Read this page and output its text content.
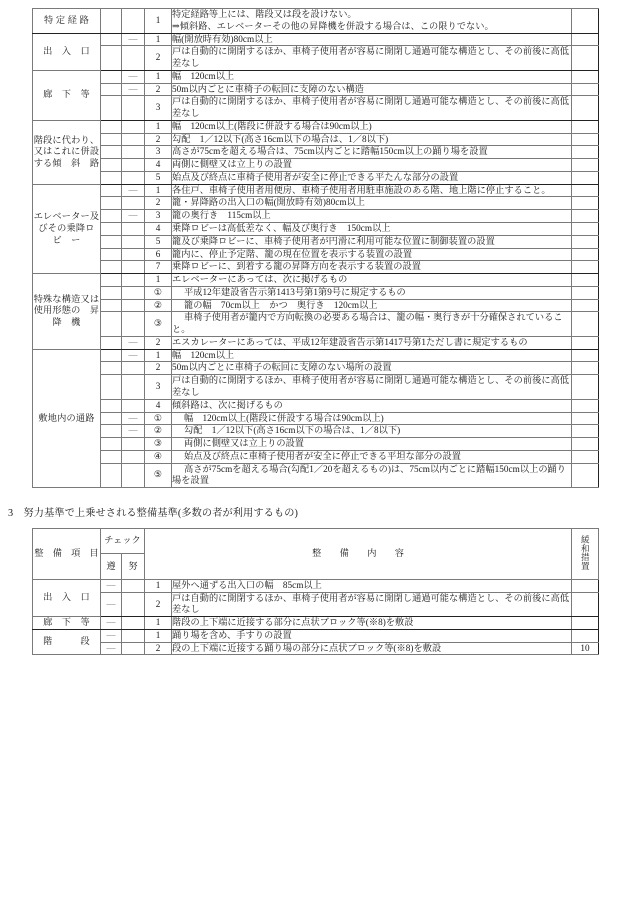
特 定 経 路			1	特定経路等上には、階段又は段を設けない。
⇒傾斜路、エレベーターその他の昇降機を併設する場合は、この限りでない。	

出　入　口		—	1	幅(開放時有効)80cm以上	
			2	戸は自動的に開閉するほか、車椅子使用者が容易に開閉し通過可能な構造とし、その前後に高低差なし	

廊　下　等		—	1	幅　120cm以上	
		—	2	50m以内ごとに車椅子の転回に支障のない構造	
			3	戸は自動的に開閉するほか、車椅子使用者が容易に開閉し通過可能な構造とし、その前後に高低差なし	

階段に代わり、又はこれに併設する傾　斜　路			1	幅　120cm以上(階段に併設する場合は90cm以上)	
			2	勾配　1／12以下(高さ16cm以下の場合は、1／8以下)	
			3	高さが75cmを超える場合は、75cm以内ごとに踏幅150cm以上の踊り場を設置	
			4	両側に側壁又は立上りの設置	
			5	始点及び終点に車椅子使用者が安全に停止できる平たんな部分の設置	

エレベーター及びその乗降ロ　ビ　ー		—	1	各住戸、車椅子使用者用便房、車椅子使用者用駐車施設のある階、地上階に停止すること。	
			2	籠・昇降路の出入口の幅(開放時有効)80cm以上	
		—	3	籠の奥行き　115cm以上	
			4	乗降ロビーは高低差なく、幅及び奥行き　150cm以上	
			5	籠及び乗降ロビーに、車椅子使用者が円滑に利用可能な位置に制御装置の設置	
			6	籠内に、停止予定階、籠の現在位置を表示する装置の設置	
			7	乗降ロビーに、到着する籠の昇降方向を表示する装置の設置	

特殊な構造又は使用形態の　昇　降　機			1	エレベーターにあっては、次に掲げるもの	
			①	平成12年建設省告示第1413号第1第9号に規定するもの	
			②	籠の幅　70cm以上　かつ　奥行き　120cm以上	
			③	車椅子使用者が籠内で方向転換の必要ある場合は、籠の幅・奥行きが十分確保されていること。	
		—	2	エスカレーターにあっては、平成12年建設省告示第1417号第1ただし書に規定するもの	

敷地内の通路		—	1	幅　120cm以上	
			2	50m以内ごとに車椅子の転回に支障のない場所の設置	
			3	戸は自動的に開閉するほか、車椅子使用者が容易に開閉し通過可能な構造とし、その前後に高低差なし	
			4	傾斜路は、次に掲げるもの	
		—	①	幅　120cm以上(階段に併設する場合は90cm以上)	
		—	②	勾配　1／12以下(高さ16cm以下の場合は、1／8以下)	
			③	両側に側壁又は立上りの設置	
			④	始点及び終点に車椅子使用者が安全に停止できる平坦な部分の設置	
			⑤	高さが75cmを超える場合(勾配1／20を超えるもの)は、75cm以内ごとに踏幅150cm以上の踊り場を設置	
3　努力基準で上乗せされる整備基準(多数の者が利用するもの)
整　備　項　目	チェック		整　　備　　内　　容		緩和措置
	遵	努			

出　入　口	—		1	屋外へ通ずる出入口の幅　85cm以上	
	—		2	戸は自動的に開閉するほか、車椅子使用者が容易に開閉し通過可能な構造とし、その前後に高低差なし	

廊　下　等	—		1	階段の上下端に近接する部分に点状ブロック等(※8)を敷設	

階　　　段	—		1	踊り場を含め、手すりの設置	
	—		2	段の上下端に近接する踊り場の部分に点状ブロック等(※8)を敷設	10
